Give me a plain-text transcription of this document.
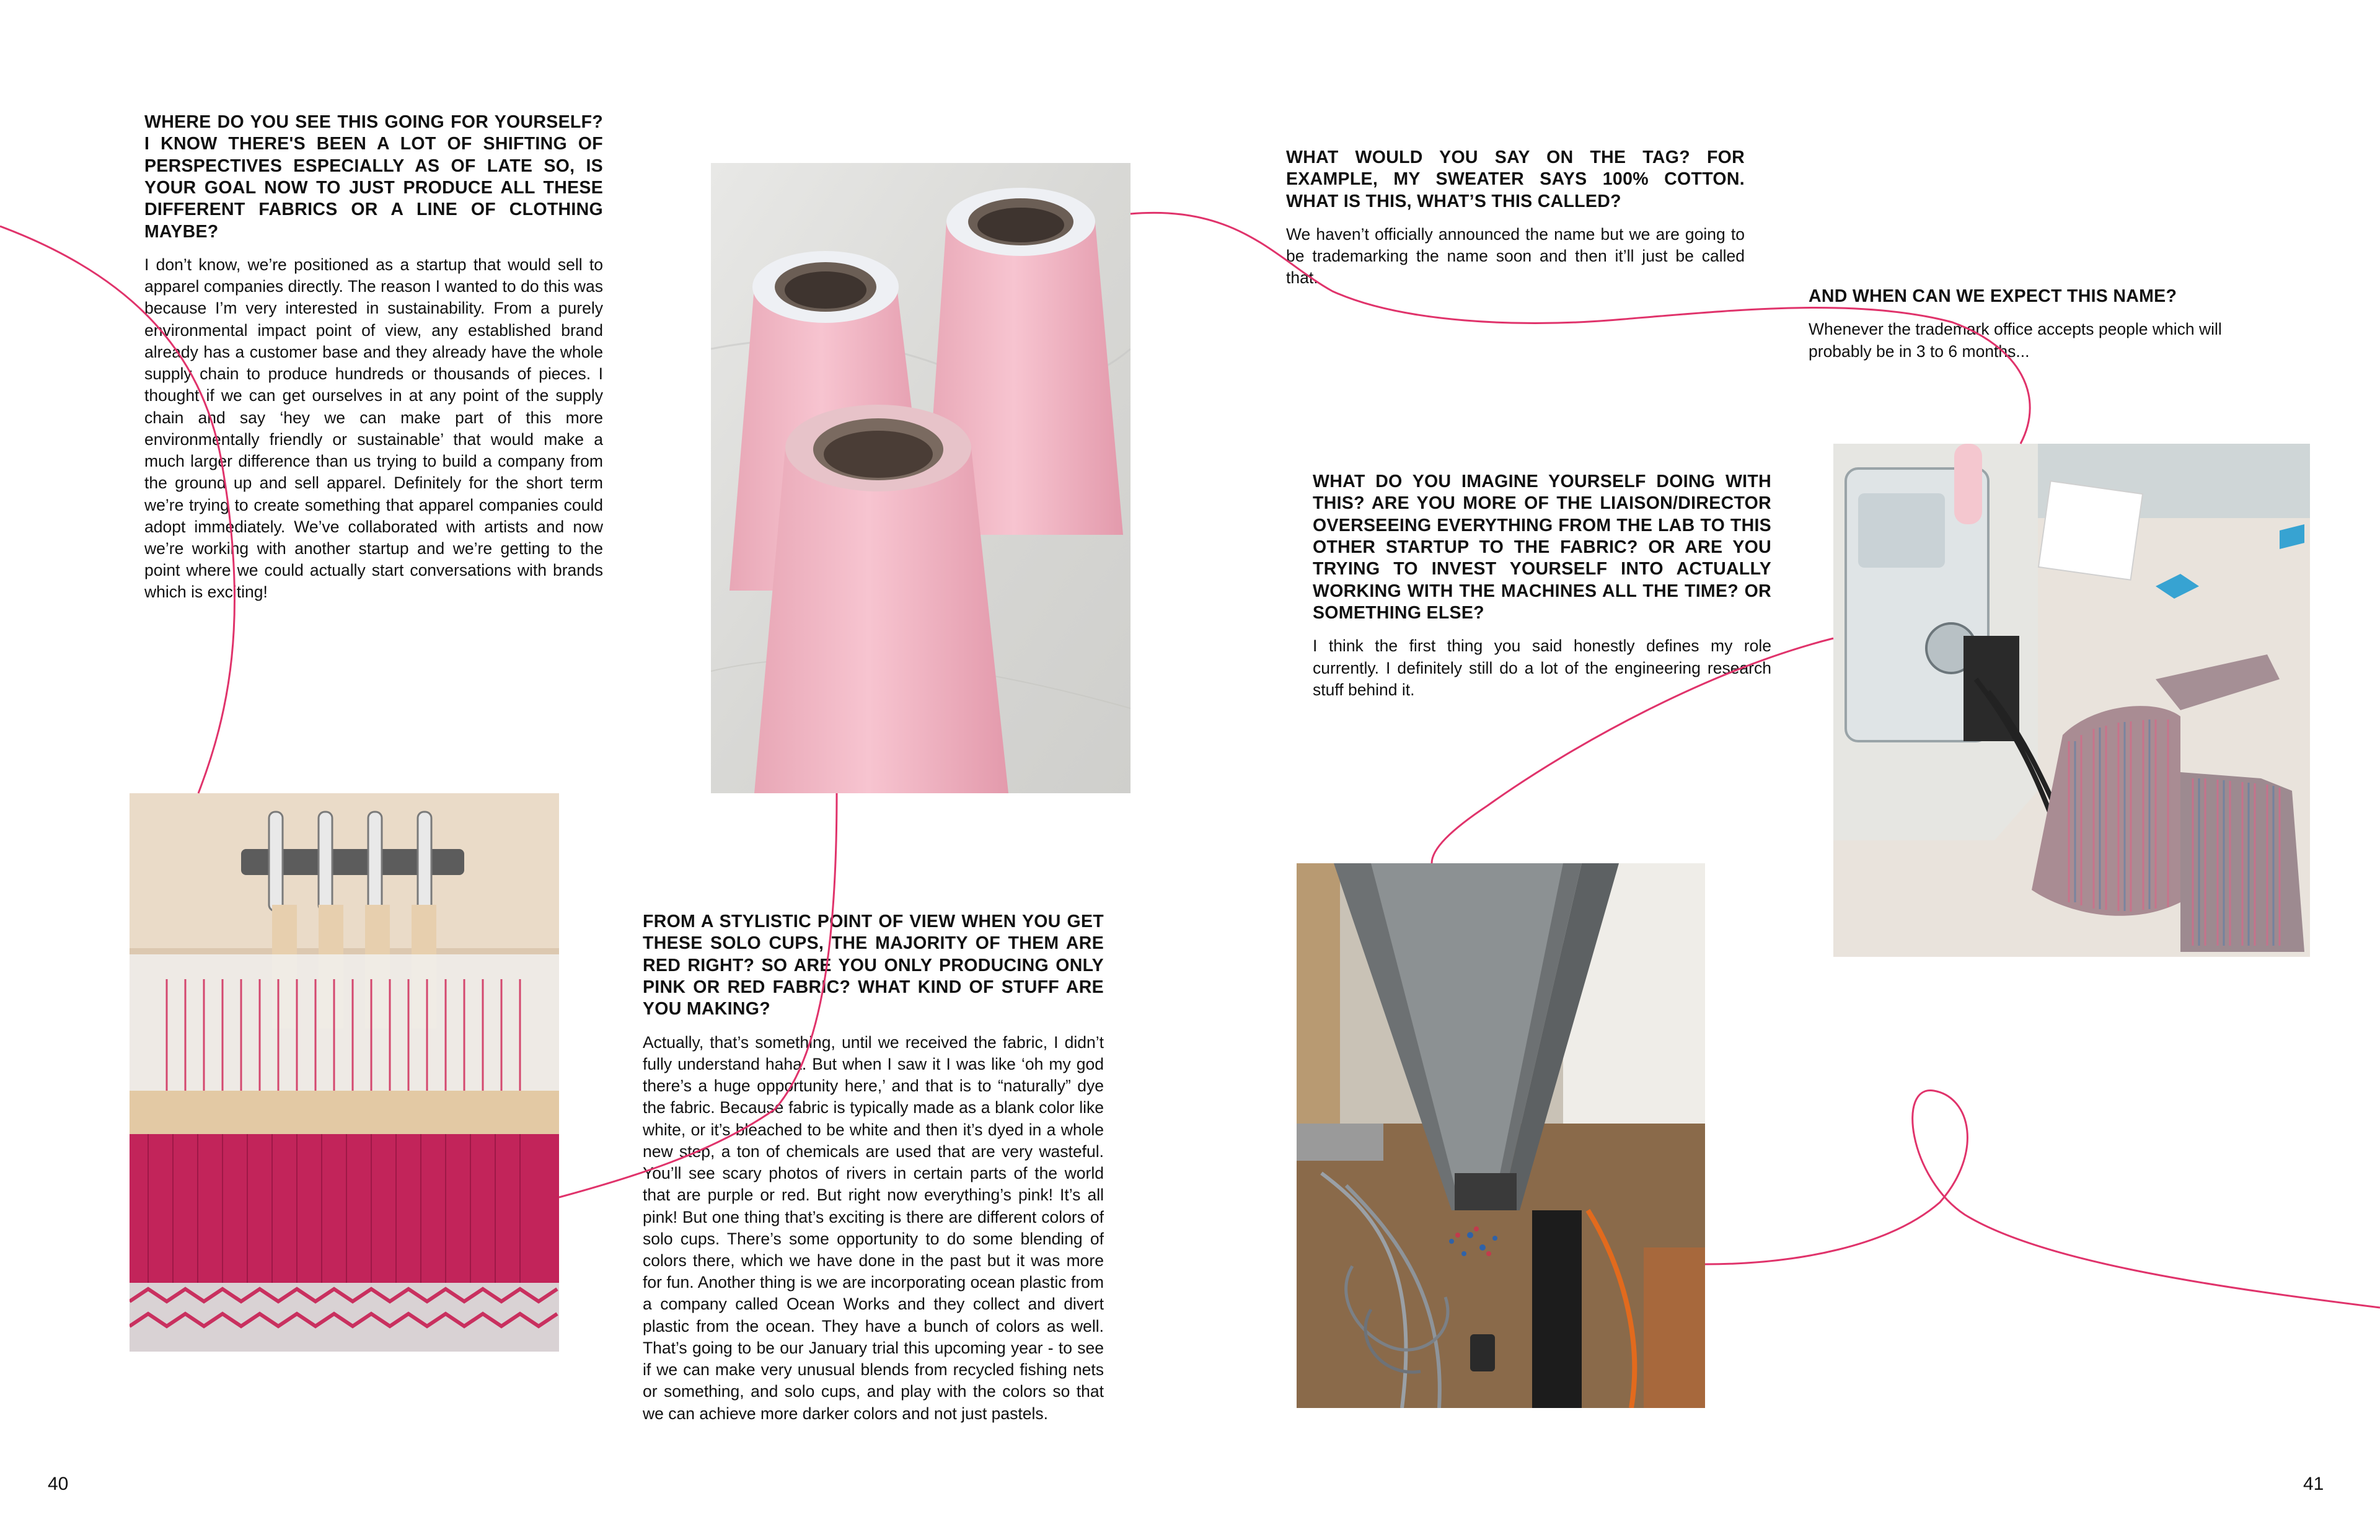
WHERE DO YOU SEE THIS GOING FOR YOURSELF? I KNOW THERE'S BEEN A LOT OF SHIFTING OF PERSPECTIVES ESPECIALLY AS OF LATE SO, IS YOUR GOAL NOW TO JUST PRODUCE ALL THESE DIFFERENT FABRICS OR A LINE OF CLOTHING MAYBE?

I don’t know, we’re positioned as a startup that would sell to apparel companies directly. The reason I wanted to do this was because I’m very interested in sustainability. From a purely environmental impact point of view, any established brand already has a customer base and they already have the whole supply chain to produce hundreds or thousands of pieces. I thought if we can get ourselves in at any point of the supply chain and say ‘hey we can make part of this more environmentally friendly or sustainable’ that would make a much larger difference than us trying to build a company from the ground up and sell apparel. Definitely for the short term we’re trying to create something that apparel companies could adopt immediately. We’ve collaborated with artists and now we’re working with another startup and we’re getting to the point where we could actually start conversations with brands which is exciting!

FROM A STYLISTIC POINT OF VIEW WHEN YOU GET THESE SOLO CUPS, THE MAJORITY OF THEM ARE RED RIGHT? SO ARE YOU ONLY PRODUCING ONLY PINK OR RED FABRIC? WHAT KIND OF STUFF ARE YOU MAKING?

Actually, that’s something, until we received the fabric, I didn’t fully understand haha. But when I saw it I was like ‘oh my god there’s a huge opportunity here,’ and that is to “naturally” dye the fabric. Because fabric is typically made as a blank color like white, or it’s bleached to be white and then it’s dyed in a whole new step, a ton of chemicals are used that are very wasteful. You’ll see scary photos of rivers in certain parts of the world that are purple or red. But right now everything’s pink! It’s all pink! But one thing that’s exciting is there are different colors of solo cups. There’s some opportunity to do some blending of colors there, which we have done in the past but it was more for fun. Another thing is we are incorporating ocean plastic from a company called Ocean Works and they collect and divert plastic from the ocean. They have a bunch of colors as well. That’s going to be our January trial this upcoming year - to see if we can make very unusual blends from recycled fishing nets or something, and solo cups, and play with the colors so that we can achieve more darker colors and not just pastels.

WHAT WOULD YOU SAY ON THE TAG? FOR EXAMPLE, MY SWEATER SAYS 100% COTTON. WHAT IS THIS, WHAT’S THIS CALLED?

We haven’t officially announced the name but we are going to be trademarking the name soon and then it’ll just be called that.

AND WHEN CAN WE EXPECT THIS NAME?

Whenever the trademark office accepts people which will probably be in 3 to 6 months...

WHAT DO YOU IMAGINE YOURSELF DOING WITH THIS? ARE YOU MORE OF THE LIAISON/DIRECTOR OVERSEEING EVERYTHING FROM THE LAB TO THIS OTHER STARTUP TO THE FABRIC? OR ARE YOU TRYING TO INVEST YOURSELF INTO ACTUALLY WORKING WITH THE MACHINES ALL THE TIME? OR SOMETHING ELSE?

I think the first thing you said honestly defines my role currently. I definitely still do a lot of the engineering research stuff behind it.

40	41
